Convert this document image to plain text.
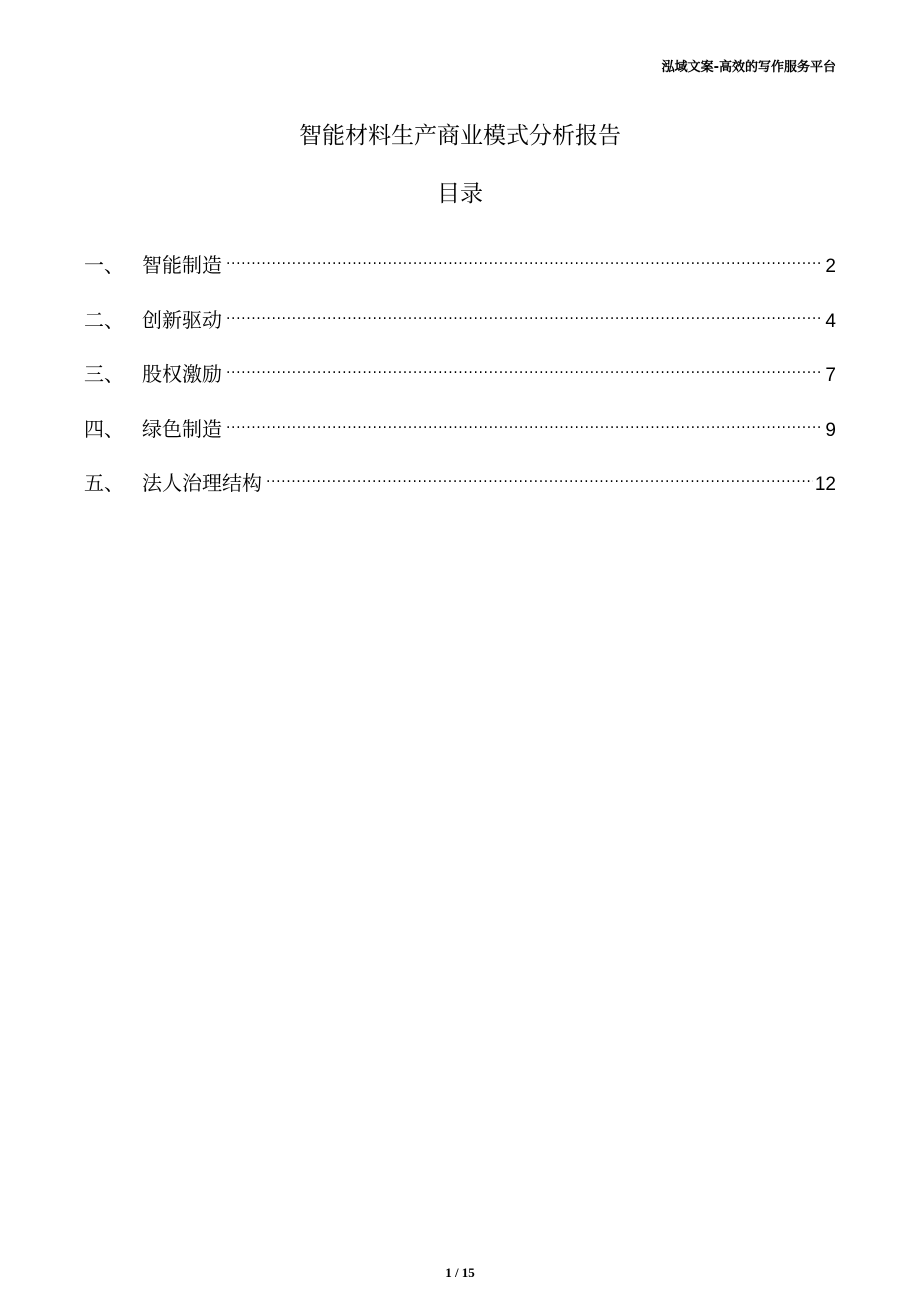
泓域文案-高效的写作服务平台
智能材料生产商业模式分析报告
目录
一、 智能制造 .....	2
二、 创新驱动 .....	4
三、 股权激励 .....	7
四、 绿色制造 .....	9
五、 法人治理结构 .....	12
1 / 15
